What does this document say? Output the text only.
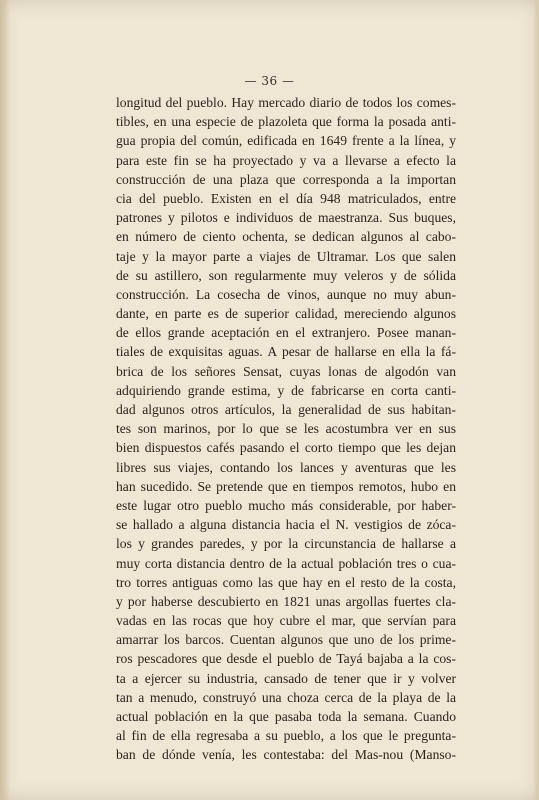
— 36 —
longitud del pueblo. Hay mercado diario de todos los comes-
tibles, en una especie de plazoleta que forma la posada anti-
gua propia del común, edificada en 1649 frente a la línea, y
para este fin se ha proyectado y va a llevarse a efecto la
construcción de una plaza que corresponda a la importan
cia del pueblo. Existen en el día 948 matriculados, entre
patrones y pilotos e individuos de maestranza. Sus buques,
en número de ciento ochenta, se dedican algunos al cabo-
taje y la mayor parte a viajes de Ultramar. Los que salen
de su astillero, son regularmente muy veleros y de sólida
construcción. La cosecha de vinos, aunque no muy abun-
dante, en parte es de superior calidad, mereciendo algunos
de ellos grande aceptación en el extranjero. Posee manan-
tiales de exquisitas aguas. A pesar de hallarse en ella la fá-
brica de los señores Sensat, cuyas lonas de algodón van
adquiriendo grande estima, y de fabricarse en corta canti-
dad algunos otros artículos, la generalidad de sus habitan-
tes son marinos, por lo que se les acostumbra ver en sus
bien dispuestos cafés pasando el corto tiempo que les dejan
libres sus viajes, contando los lances y aventuras que les
han sucedido. Se pretende que en tiempos remotos, hubo en
este lugar otro pueblo mucho más considerable, por haber-
se hallado a alguna distancia hacia el N. vestigios de zóca-
los y grandes paredes, y por la circunstancia de hallarse a
muy corta distancia dentro de la actual población tres o cua-
tro torres antiguas como las que hay en el resto de la costa,
y por haberse descubierto en 1821 unas argollas fuertes cla-
vadas en las rocas que hoy cubre el mar, que servían para
amarrar los barcos. Cuentan algunos que uno de los prime-
ros pescadores que desde el pueblo de Tayá bajaba a la cos-
ta a ejercer su industria, cansado de tener que ir y volver
tan a menudo, construyó una choza cerca de la playa de la
actual población en la que pasaba toda la semana. Cuando
al fin de ella regresaba a su pueblo, a los que le pregunta-
ban de dónde venía, les contestaba: del Mas-nou (Manso-
